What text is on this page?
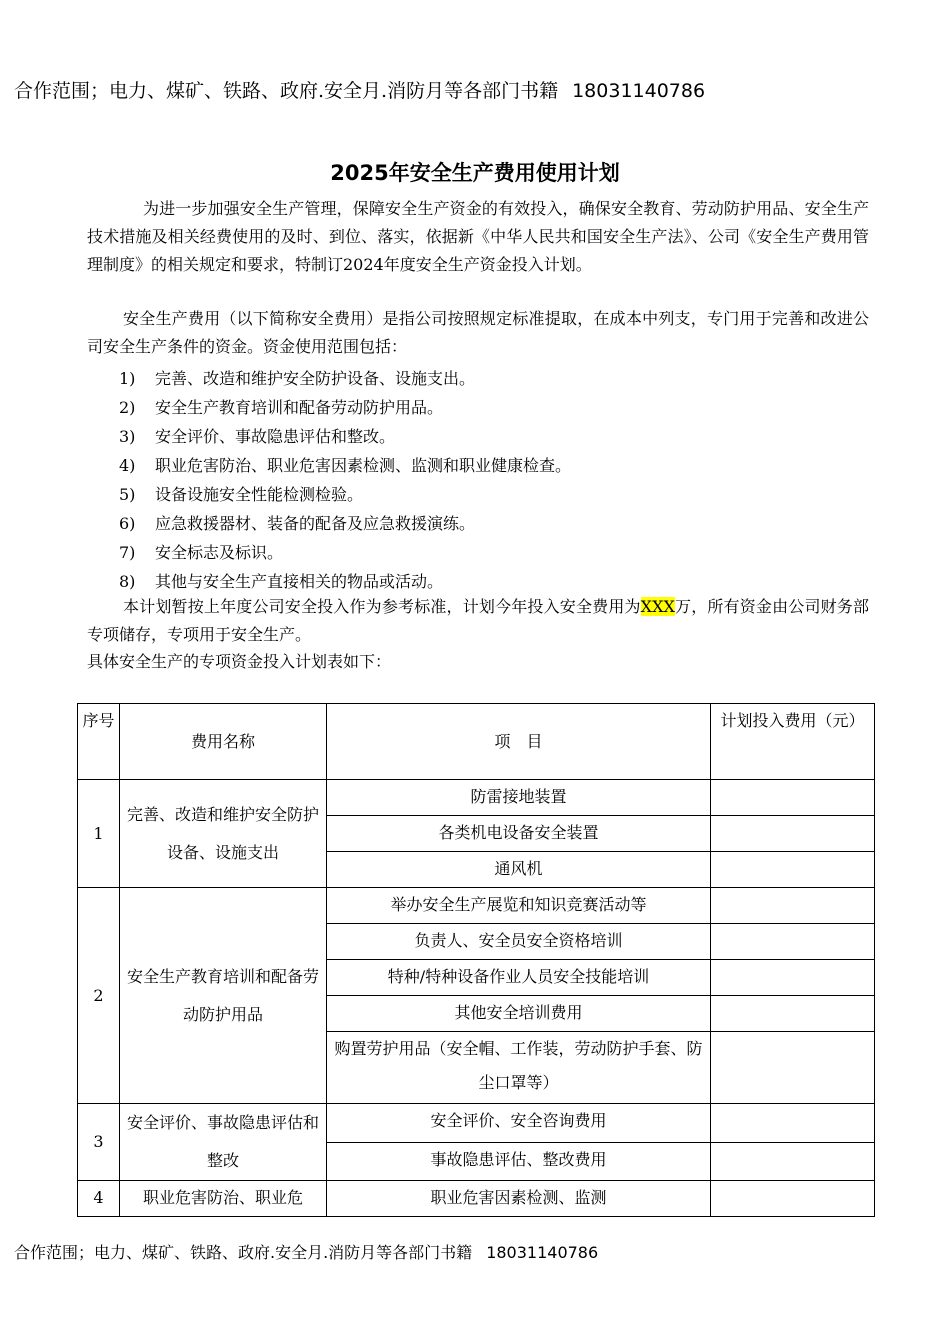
合作范围；电力、煤矿、铁路、政府.安全月.消防月等各部门书籍 18031140786
2025年安全生产费用使用计划
为进一步加强安全生产管理，保障安全生产资金的有效投入，确保安全教育、劳动防护用品、安全生产技术措施及相关经费使用的及时、到位、落实，依据新《中华人民共和国安全生产法》、公司《安全生产费用管理制度》的相关规定和要求，特制订2024年度安全生产资金投入计划。
安全生产费用（以下简称安全费用）是指公司按照规定标准提取，在成本中列支，专门用于完善和改进公司安全生产条件的资金。资金使用范围包括：
1) 完善、改造和维护安全防护设备、设施支出。
2) 安全生产教育培训和配备劳动防护用品。
3) 安全评价、事故隐患评估和整改。
4) 职业危害防治、职业危害因素检测、监测和职业健康检查。
5) 设备设施安全性能检测检验。
6) 应急救援器材、装备的配备及应急救援演练。
7) 安全标志及标识。
8) 其他与安全生产直接相关的物品或活动。
本计划暂按上年度公司安全投入作为参考标准，计划今年投入安全费用为XXX万，所有资金由公司财务部专项储存，专项用于安全生产。
具体安全生产的专项资金投入计划表如下：
序号	费用名称	项　目	计划投入费用（元）
1	完善、改造和维护安全防护设备、设施支出	防雷接地装置	
		各类机电设备安全装置	
		通风机	
2	安全生产教育培训和配备劳动防护用品	举办安全生产展览和知识竞赛活动等	
		负责人、安全员安全资格培训	
		特种/特种设备作业人员安全技能培训	
		其他安全培训费用	
		购置劳护用品（安全帽、工作装，劳动防护手套、防尘口罩等）	
3	安全评价、事故隐患评估和整改	安全评价、安全咨询费用	
		事故隐患评估、整改费用	
4	职业危害防治、职业危	职业危害因素检测、监测	
合作范围；电力、煤矿、铁路、政府.安全月.消防月等各部门书籍 18031140786
